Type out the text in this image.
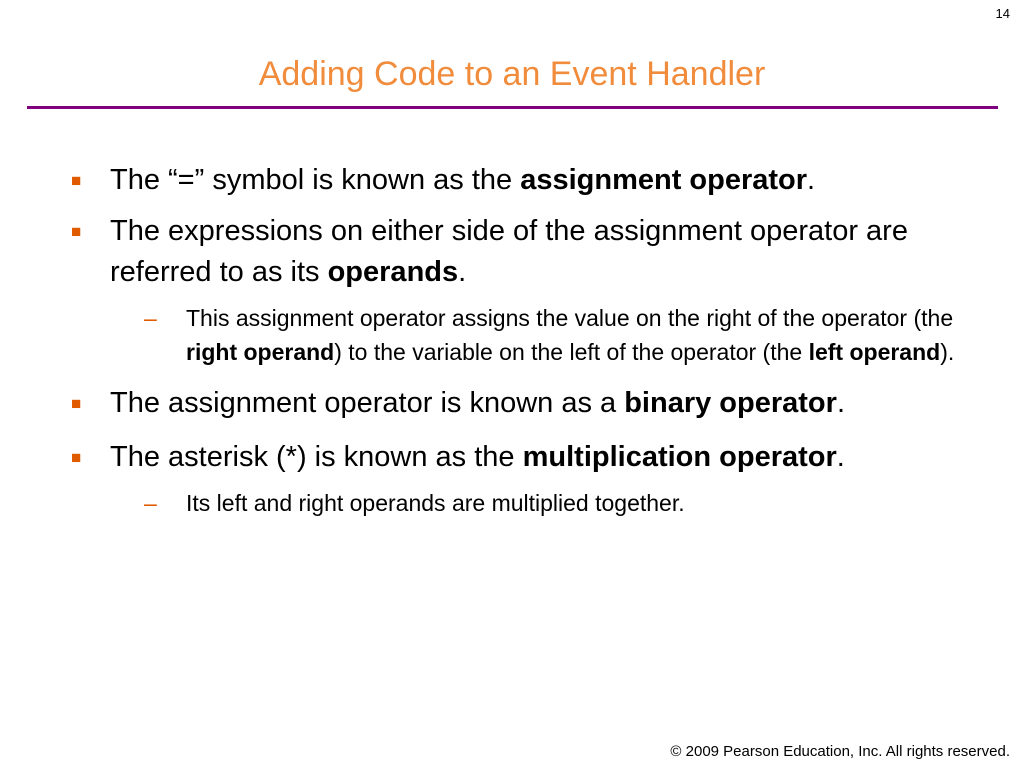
14
Adding Code to an Event Handler
■ The “=” symbol is known as the assignment operator.
■ The expressions on either side of the assignment operator are referred to as its operands.
– This assignment operator assigns the value on the right of the operator (the right operand) to the variable on the left of the operator (the left operand).
■ The assignment operator is known as a binary operator.
■ The asterisk (*) is known as the multiplication operator.
– Its left and right operands are multiplied together.
© 2009 Pearson Education, Inc. All rights reserved.
